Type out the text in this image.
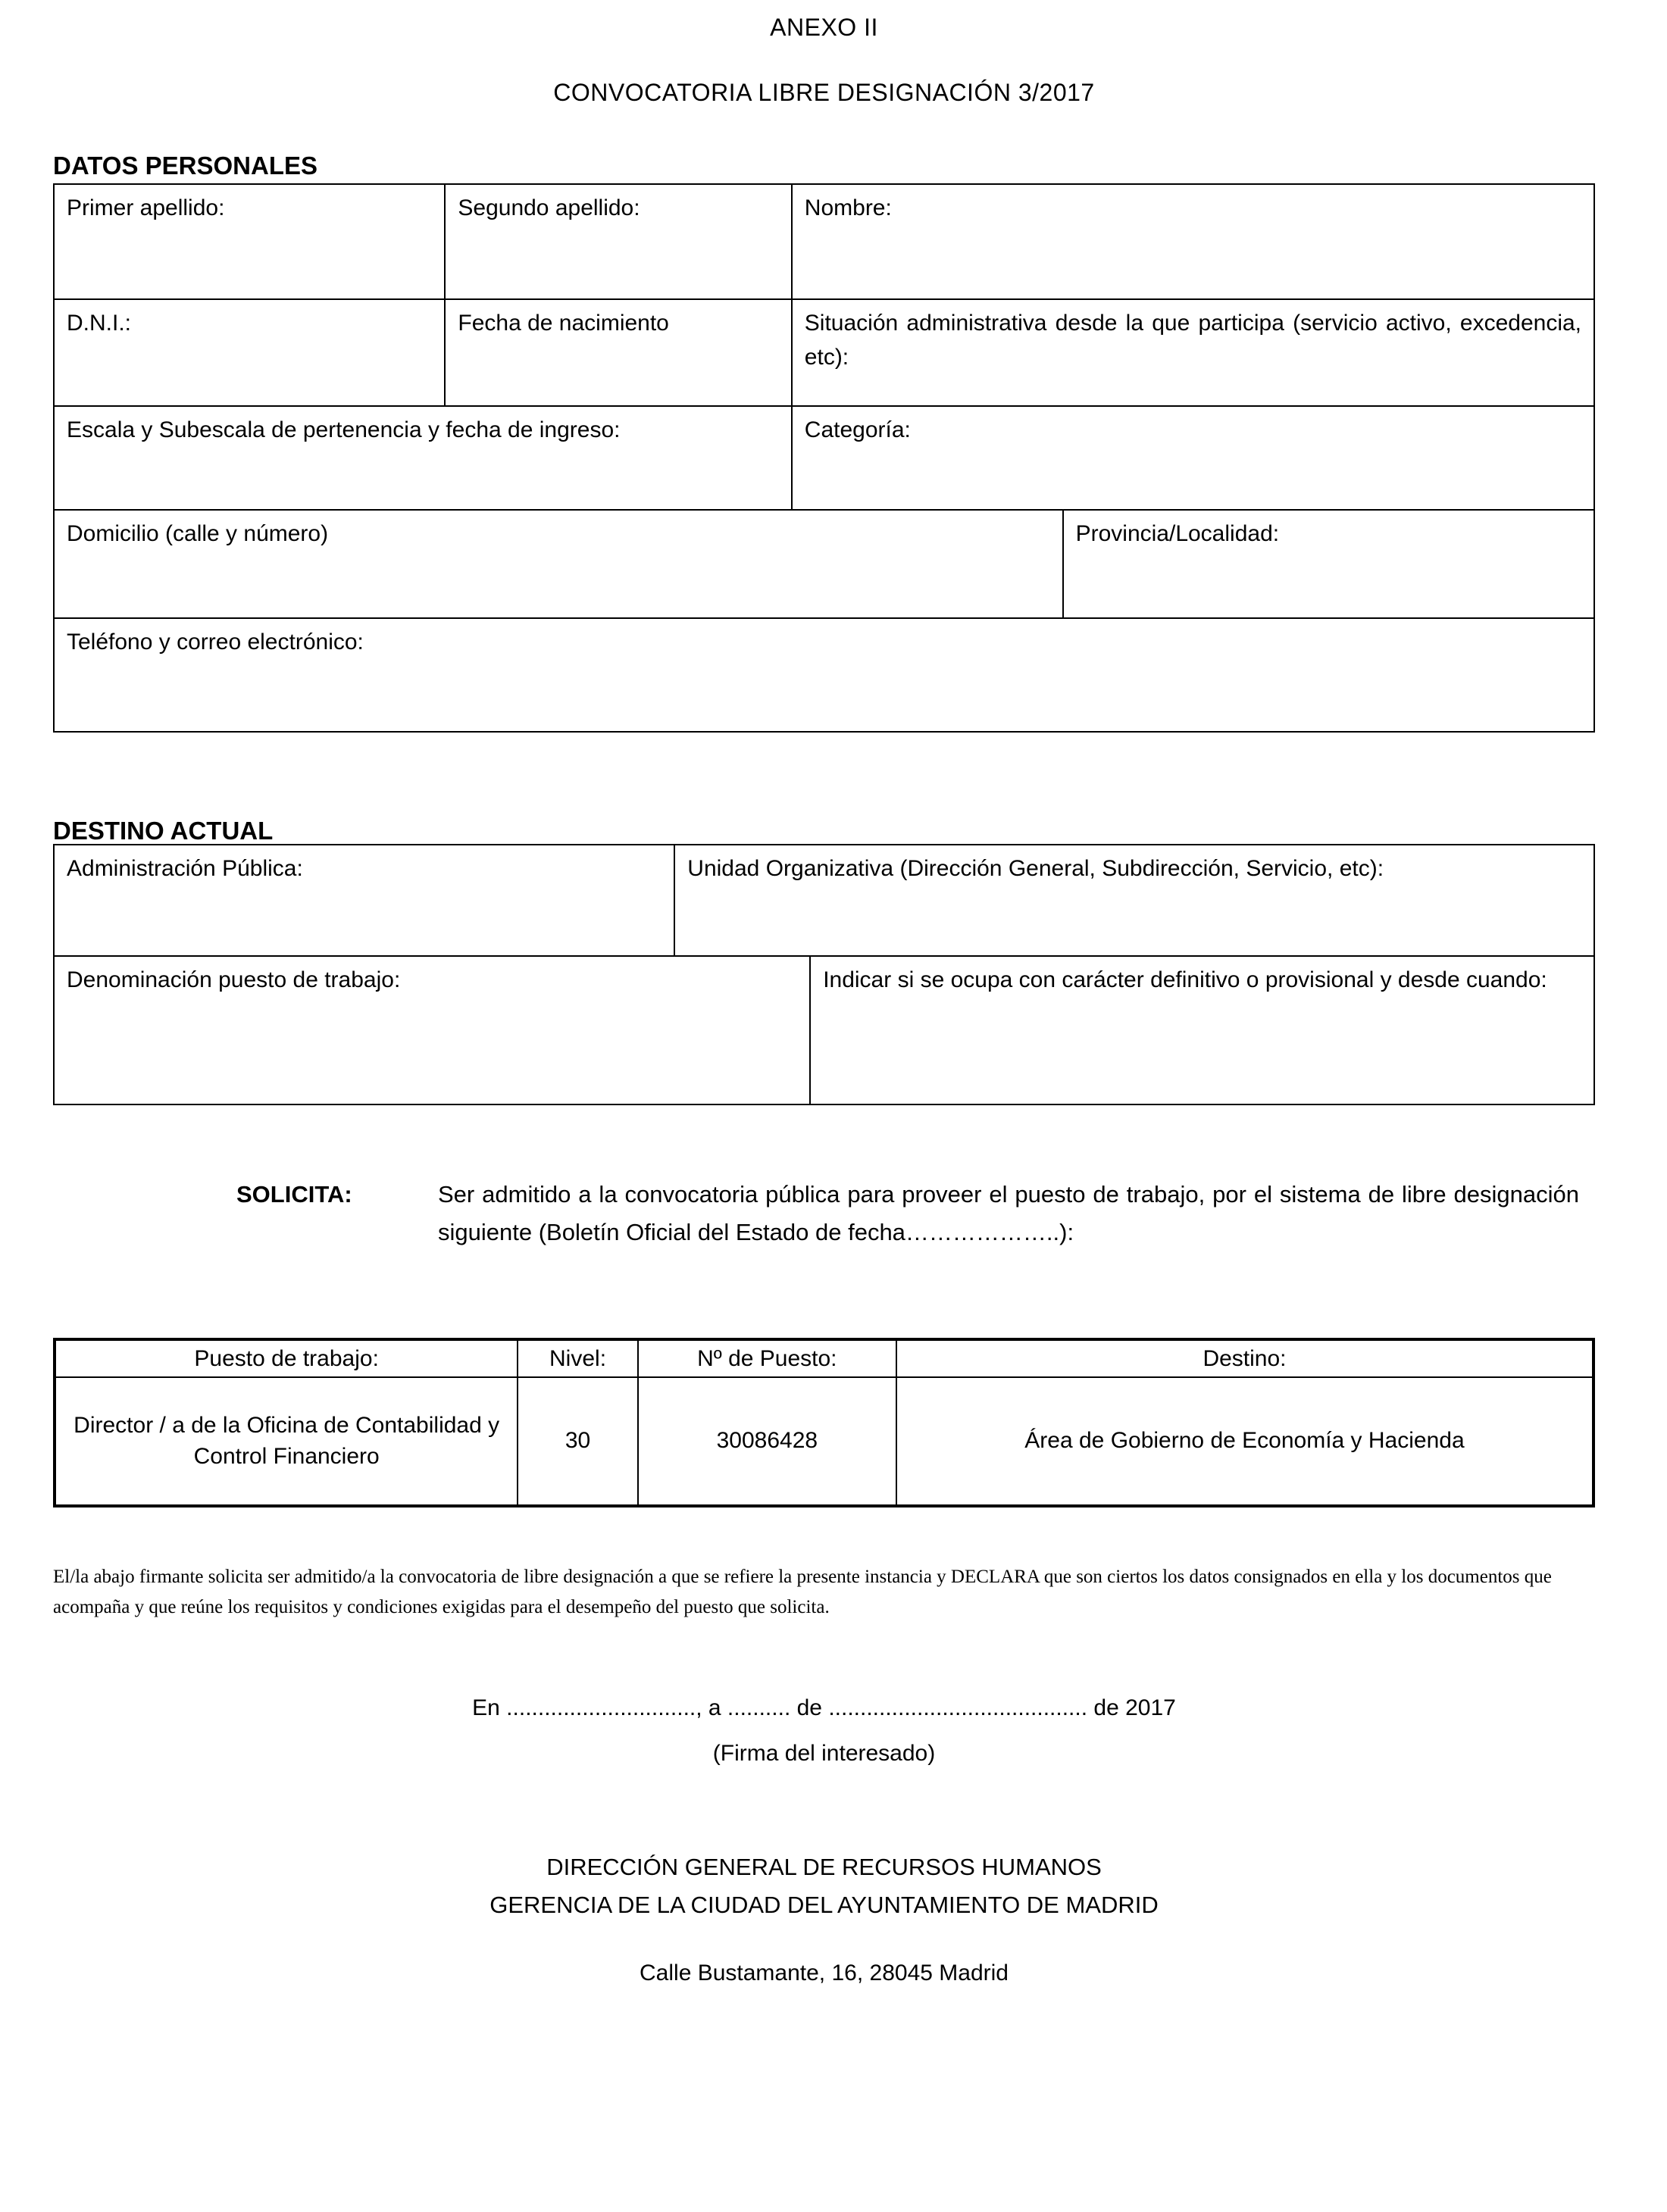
ANEXO II
CONVOCATORIA LIBRE DESIGNACIÓN 3/2017
DATOS PERSONALES
Primer apellido:	Segundo apellido:	Nombre:	
D.N.I.:	Fecha de nacimiento	Situación administrativa desde la que participa (servicio activo, excedencia, etc):	
Escala y Subescala de pertenencia y fecha de ingreso:		Categoría:	
Domicilio (calle y número)			Provincia/Localidad:
Teléfono y correo electrónico:			
DESTINO ACTUAL
Administración Pública:	Unidad Organizativa (Dirección General, Subdirección, Servicio, etc):	
Denominación puesto de trabajo:		Indicar si se ocupa con carácter definitivo o provisional y desde cuando:
SOLICITA:	Ser admitido a la convocatoria pública para proveer el puesto de trabajo, por el sistema de libre designación siguiente (Boletín Oficial del Estado de fecha………………..):
Puesto de trabajo:	Nivel:	Nº de Puesto:	Destino:
Director / a de la Oficina de Contabilidad y Control Financiero	30	30086428	Área de Gobierno de Economía y Hacienda
El/la abajo firmante solicita ser admitido/a la convocatoria de libre designación a que se refiere la presente instancia y DECLARA que son ciertos los datos consignados en ella y los documentos que acompaña y que reúne los requisitos y condiciones exigidas para el desempeño del puesto que solicita.
En .............................., a .......... de ......................................... de 2017
(Firma del interesado)
DIRECCIÓN GENERAL DE RECURSOS HUMANOS
GERENCIA DE LA CIUDAD DEL AYUNTAMIENTO DE MADRID
Calle Bustamante, 16, 28045 Madrid
